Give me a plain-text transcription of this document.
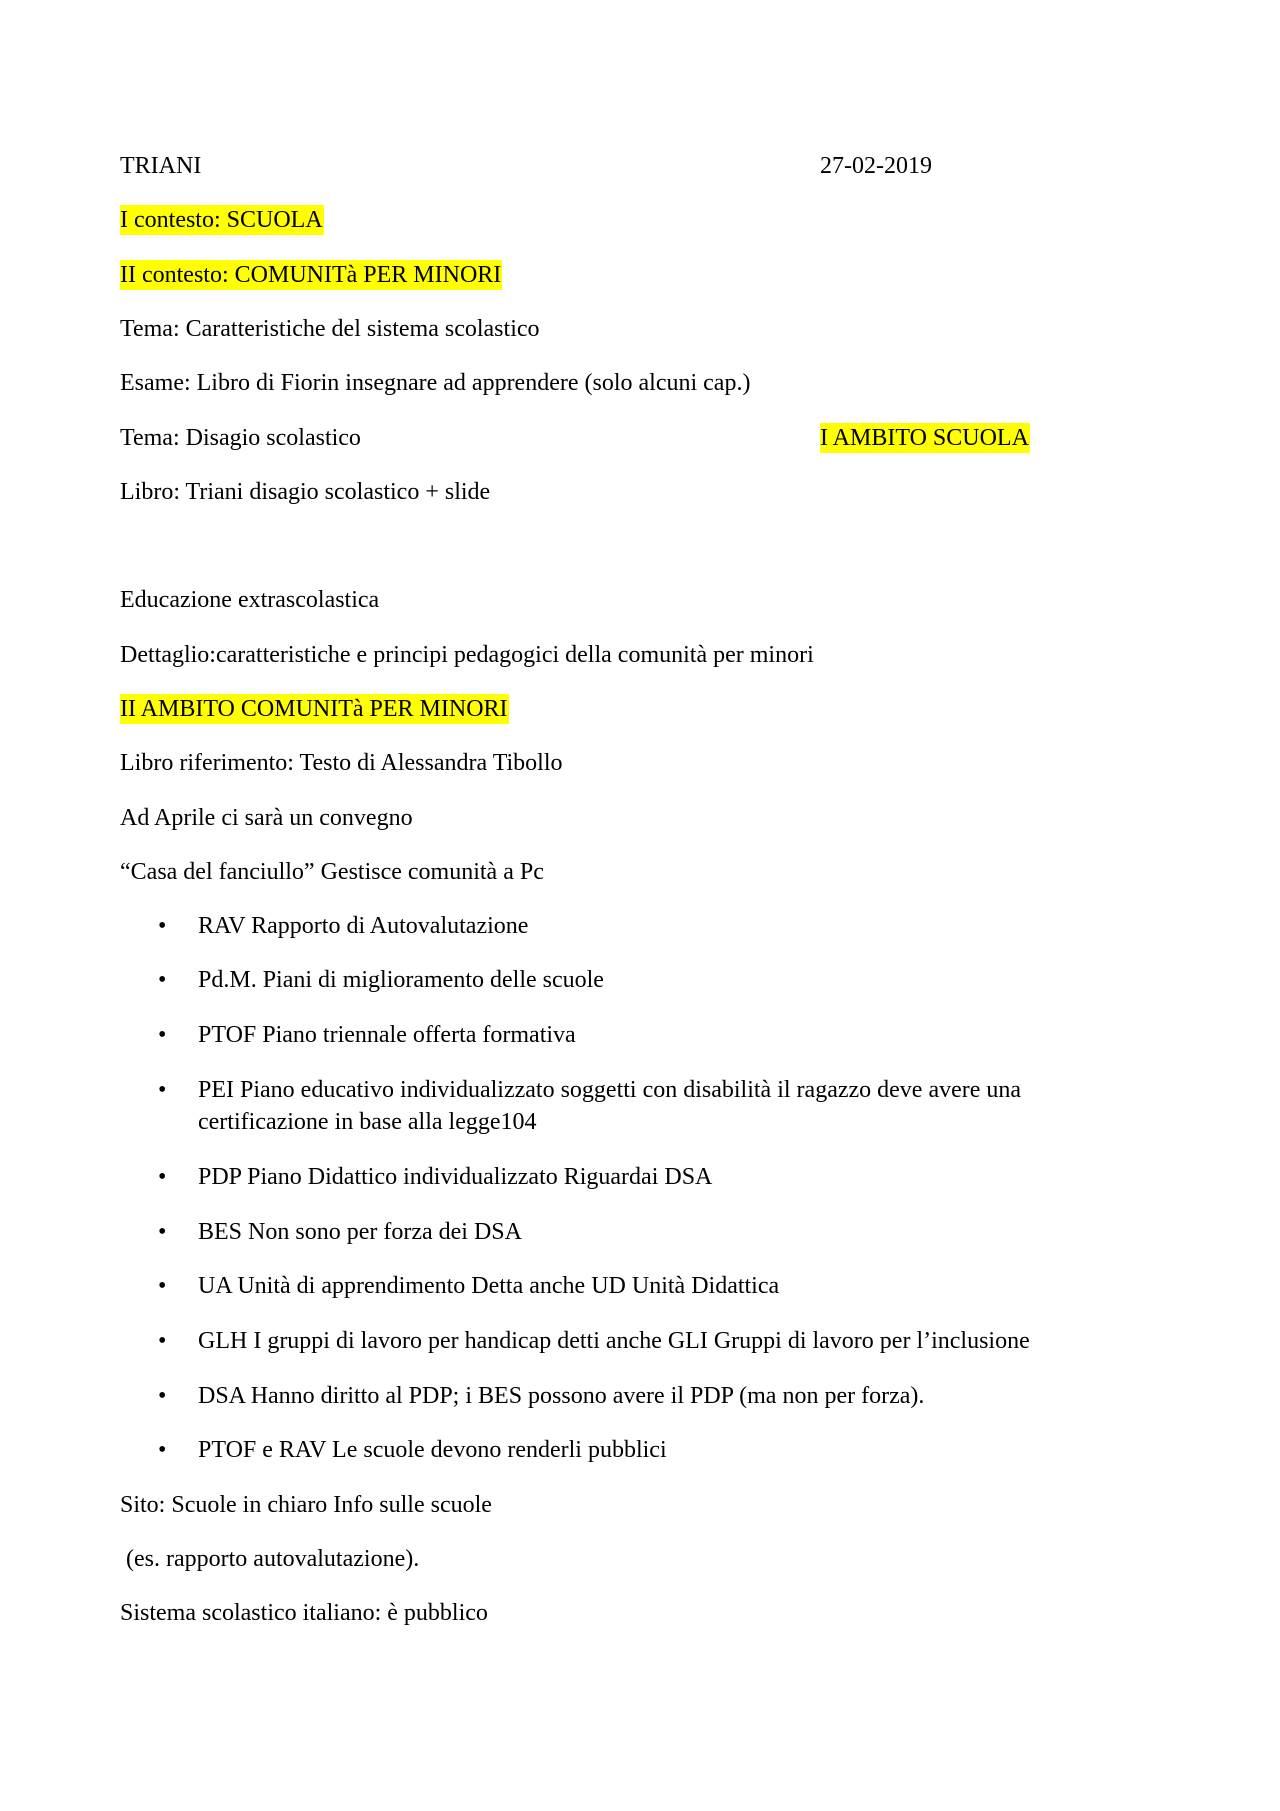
TRIANI	27-02-2019
I contesto: SCUOLA
II contesto: COMUNITà PER MINORI
Tema: Caratteristiche del sistema scolastico
Esame: Libro di Fiorin insegnare ad apprendere (solo alcuni cap.)
Tema: Disagio scolastico	I AMBITO SCUOLA
Libro: Triani disagio scolastico + slide
Educazione extrascolastica
Dettaglio:caratteristiche e principi pedagogici della comunità per minori
II AMBITO COMUNITà PER MINORI
Libro riferimento: Testo di Alessandra Tibollo
Ad Aprile ci sarà un convegno
“Casa del fanciullo” Gestisce comunità a Pc
• RAV Rapporto di Autovalutazione
• Pd.M. Piani di miglioramento delle scuole
• PTOF Piano triennale offerta formativa
• PEI Piano educativo individualizzato soggetti con disabilità il ragazzo deve avere una certificazione in base alla legge104
• PDP Piano Didattico individualizzato Riguardai DSA
• BES Non sono per forza dei DSA
• UA Unità di apprendimento Detta anche UD Unità Didattica
• GLH I gruppi di lavoro per handicap detti anche GLI Gruppi di lavoro per l’inclusione
• DSA Hanno diritto al PDP; i BES possono avere il PDP (ma non per forza).
• PTOF e RAV Le scuole devono renderli pubblici
Sito: Scuole in chiaro Info sulle scuole
(es. rapporto autovalutazione).
Sistema scolastico italiano: è pubblico
